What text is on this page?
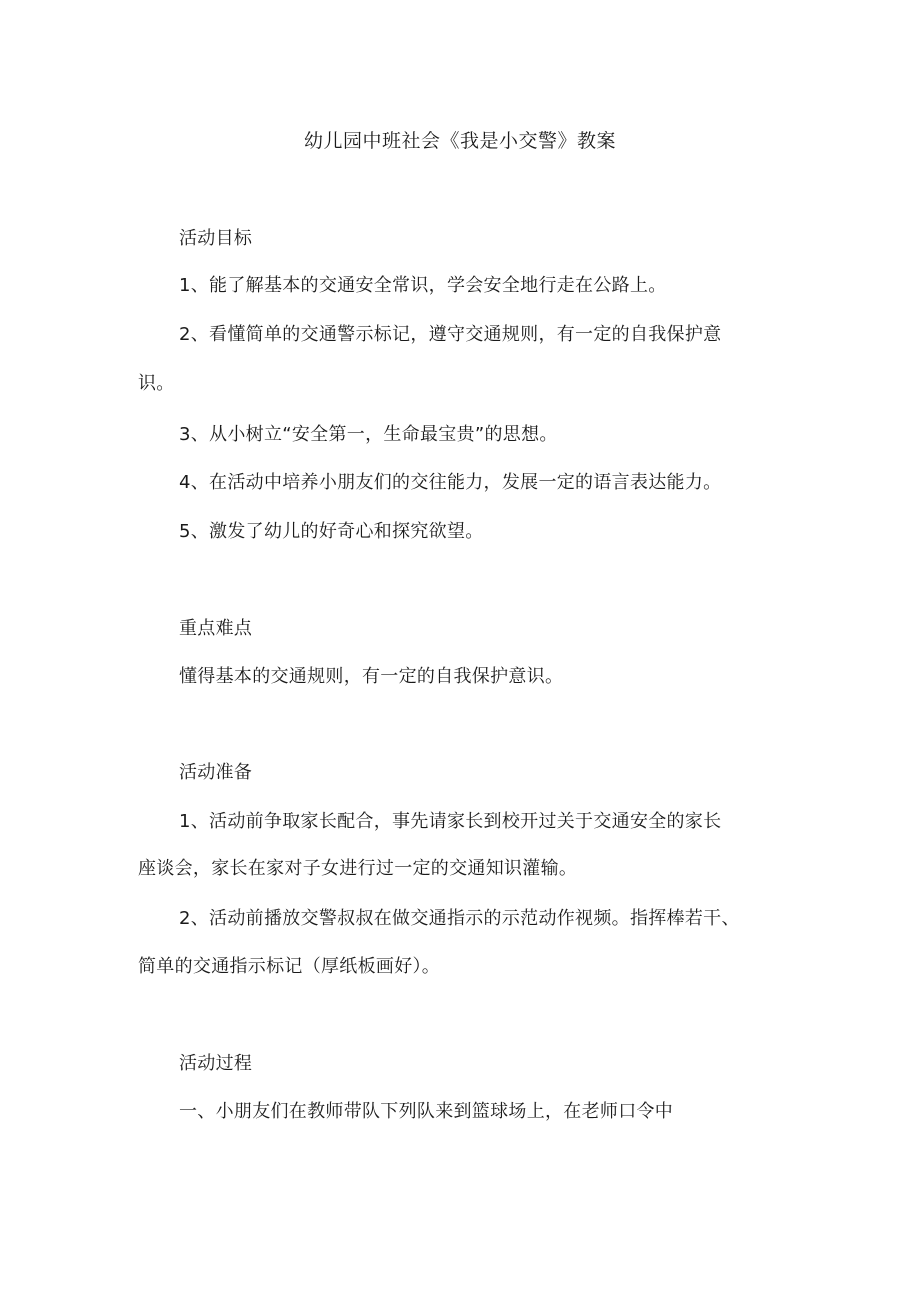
幼儿园中班社会《我是小交警》教案
活动目标
1、能了解基本的交通安全常识，学会安全地行走在公路上。
2、看懂简单的交通警示标记，遵守交通规则，有一定的自我保护意
识。
3、从小树立“安全第一，生命最宝贵”的思想。
4、在活动中培养小朋友们的交往能力，发展一定的语言表达能力。
5、激发了幼儿的好奇心和探究欲望。
重点难点
懂得基本的交通规则，有一定的自我保护意识。
活动准备
1、活动前争取家长配合，事先请家长到校开过关于交通安全的家长
座谈会，家长在家对子女进行过一定的交通知识灌输。
2、活动前播放交警叔叔在做交通指示的示范动作视频。指挥棒若干、
简单的交通指示标记（厚纸板画好）。
活动过程
一、小朋友们在教师带队下列队来到篮球场上，在老师口令中
